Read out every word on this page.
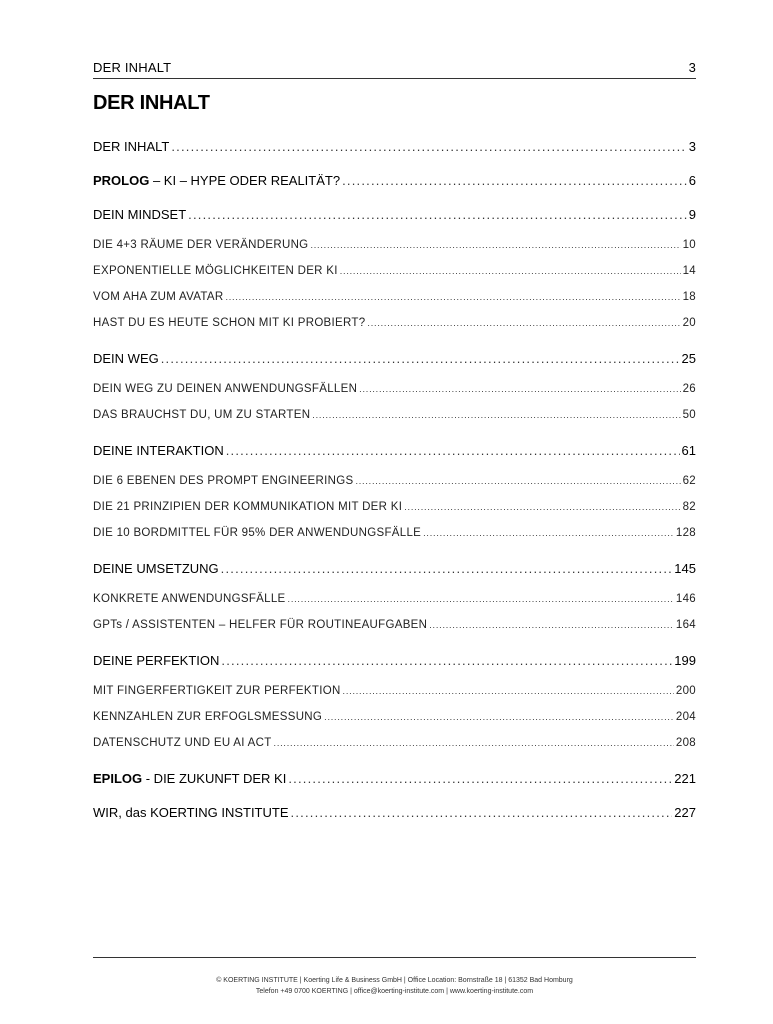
DER INHALT	3
DER INHALT
DER INHALT .....	3
PROLOG – KI – HYPE ODER REALITÄT? .....	6
DEIN MINDSET .....	9
DIE 4+3 RÄUME DER VERÄNDERUNG .....	10
EXPONENTIELLE MÖGLICHKEITEN DER KI .....	14
VOM AHA ZUM AVATAR .....	18
HAST DU ES HEUTE SCHON MIT KI PROBIERT? .....	20
DEIN WEG .....	25
DEIN WEG ZU DEINEN ANWENDUNGSFÄLLEN .....	26
DAS BRAUCHST DU, UM ZU STARTEN .....	50
DEINE INTERAKTION .....	61
DIE 6 EBENEN DES PROMPT ENGINEERINGS .....	62
DIE 21 PRINZIPIEN DER KOMMUNIKATION MIT DER KI .....	82
DIE 10 BORDMITTEL FÜR 95% DER ANWENDUNGSFÄLLE .....	128
DEINE UMSETZUNG .....	145
KONKRETE ANWENDUNGSFÄLLE .....	146
GPTs / ASSISTENTEN – HELFER FÜR ROUTINEAUFGABEN .....	164
DEINE PERFEKTION .....	199
MIT FINGERFERTIGKEIT ZUR PERFEKTION .....	200
KENNZAHLEN ZUR ERFOGLSMESSUNG .....	204
DATENSCHUTZ UND EU AI ACT .....	208
EPILOG - DIE ZUKUNFT DER KI .....	221
WIR, das KOERTING INSTITUTE .....	227
© KOERTING INSTITUTE | Koerting Life & Business GmbH | Office Location: Bornstraße 18 | 61352 Bad Homburg
Telefon +49 0700 KOERTING | office@koerting-institute.com | www.koerting-institute.com
